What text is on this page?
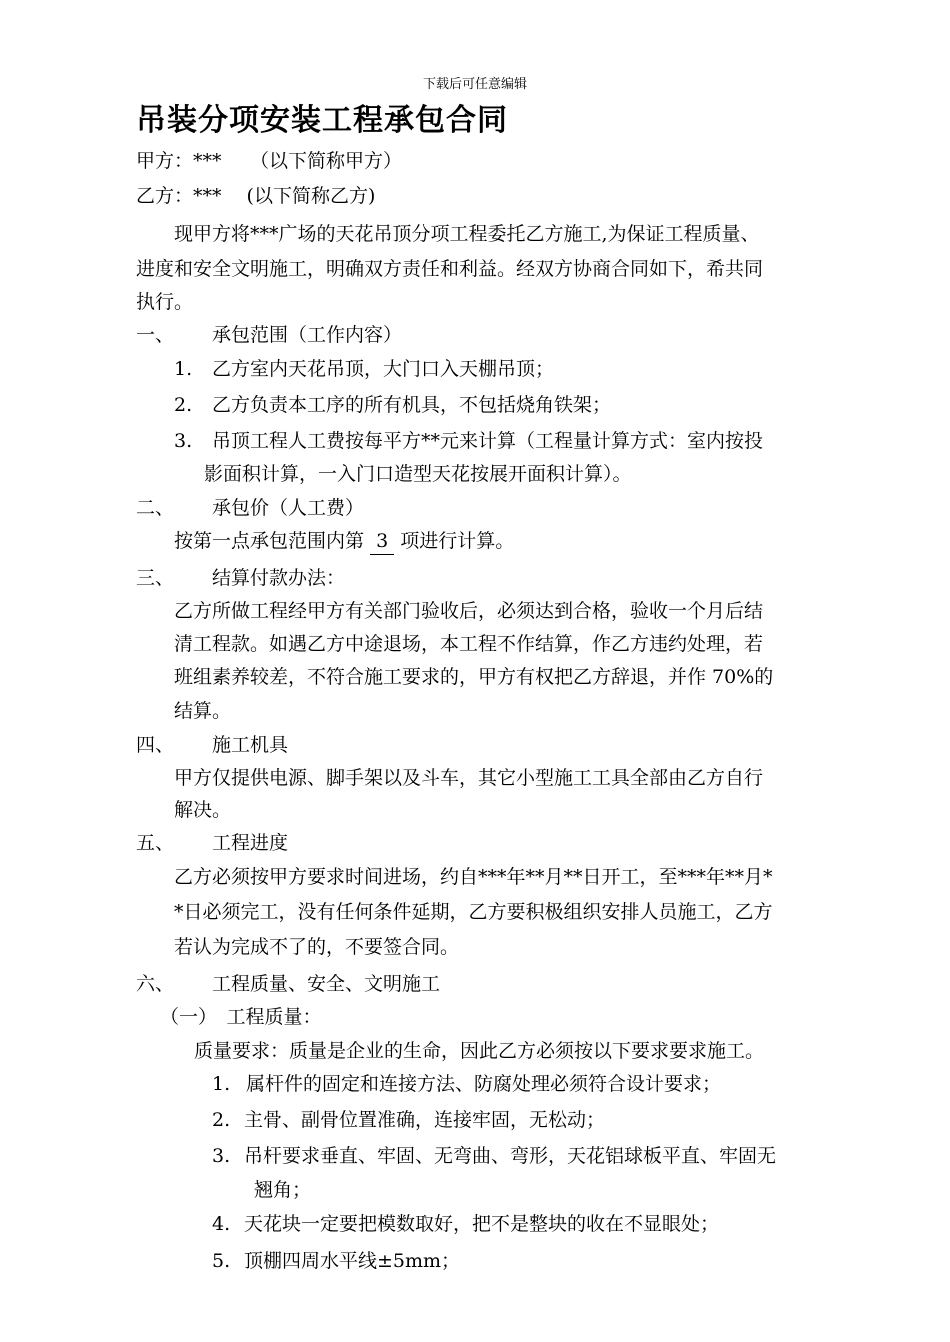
下载后可任意编辑
吊装分项安装工程承包合同
甲方：***　　（以下简称甲方）
乙方：***　 (以下简称乙方)
现甲方将***广场的天花吊顶分项工程委托乙方施工,为保证工程质量、
进度和安全文明施工，明确双方责任和利益。经双方协商合同如下，希共同
执行。
一、 承包范围（工作内容）
1. 乙方室内天花吊顶，大门口入天棚吊顶；
2. 乙方负责本工序的所有机具，不包括烧角铁架；
3. 吊顶工程人工费按每平方**元来计算（工程量计算方式：室内按投
影面积计算，一入门口造型天花按展开面积计算）。
二、 承包价（人工费）
按第一点承包范围内第 3 项进行计算。
三、 结算付款办法：
乙方所做工程经甲方有关部门验收后，必须达到合格，验收一个月后结
清工程款。如遇乙方中途退场，本工程不作结算，作乙方违约处理，若
班组素养较差，不符合施工要求的，甲方有权把乙方辞退，并作 70%的
结算。
四、 施工机具
甲方仅提供电源、脚手架以及斗车，其它小型施工工具全部由乙方自行
解决。
五、 工程进度
乙方必须按甲方要求时间进场，约自***年**月**日开工，至***年**月*
*日必须完工，没有任何条件延期，乙方要积极组织安排人员施工，乙方
若认为完成不了的，不要签合同。
六、 工程质量、安全、文明施工
（一）　工程质量：
质量要求：质量是企业的生命，因此乙方必须按以下要求要求施工。
1. 属杆件的固定和连接方法、防腐处理必须符合设计要求；
2. 主骨、副骨位置准确，连接牢固，无松动；
3. 吊杆要求垂直、牢固、无弯曲、弯形，天花铝球板平直、牢固无
翘角；
4. 天花块一定要把模数取好，把不是整块的收在不显眼处；
5. 顶棚四周水平线±5mm；
